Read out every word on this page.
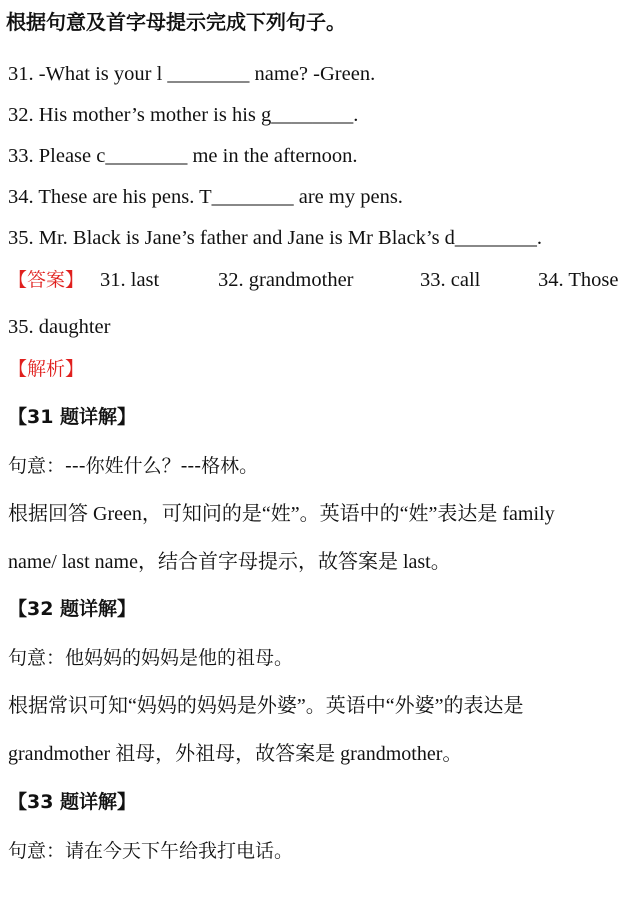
根据句意及首字母提示完成下列句子。
31. -What is your l ________ name? -Green.
32. His mother’s mother is his g________.
33. Please c________ me in the afternoon.
34. These are his pens. T________ are my pens.
35. Mr. Black is Jane’s father and Jane is Mr Black’s d________.
【答案】 31. last	32. grandmother	33. call	34. Those
35. daughter
【解析】
【31 题详解】
句意：---你姓什么？---格林。
根据回答 Green，可知问的是“姓”。英语中的“姓”表达是 family
name/ last name，结合首字母提示，故答案是 last。
【32 题详解】
句意：他妈妈的妈妈是他的祖母。
根据常识可知“妈妈的妈妈是外婆”。英语中“外婆”的表达是
grandmother 祖母，外祖母，故答案是 grandmother。
【33 题详解】
句意：请在今天下午给我打电话。
